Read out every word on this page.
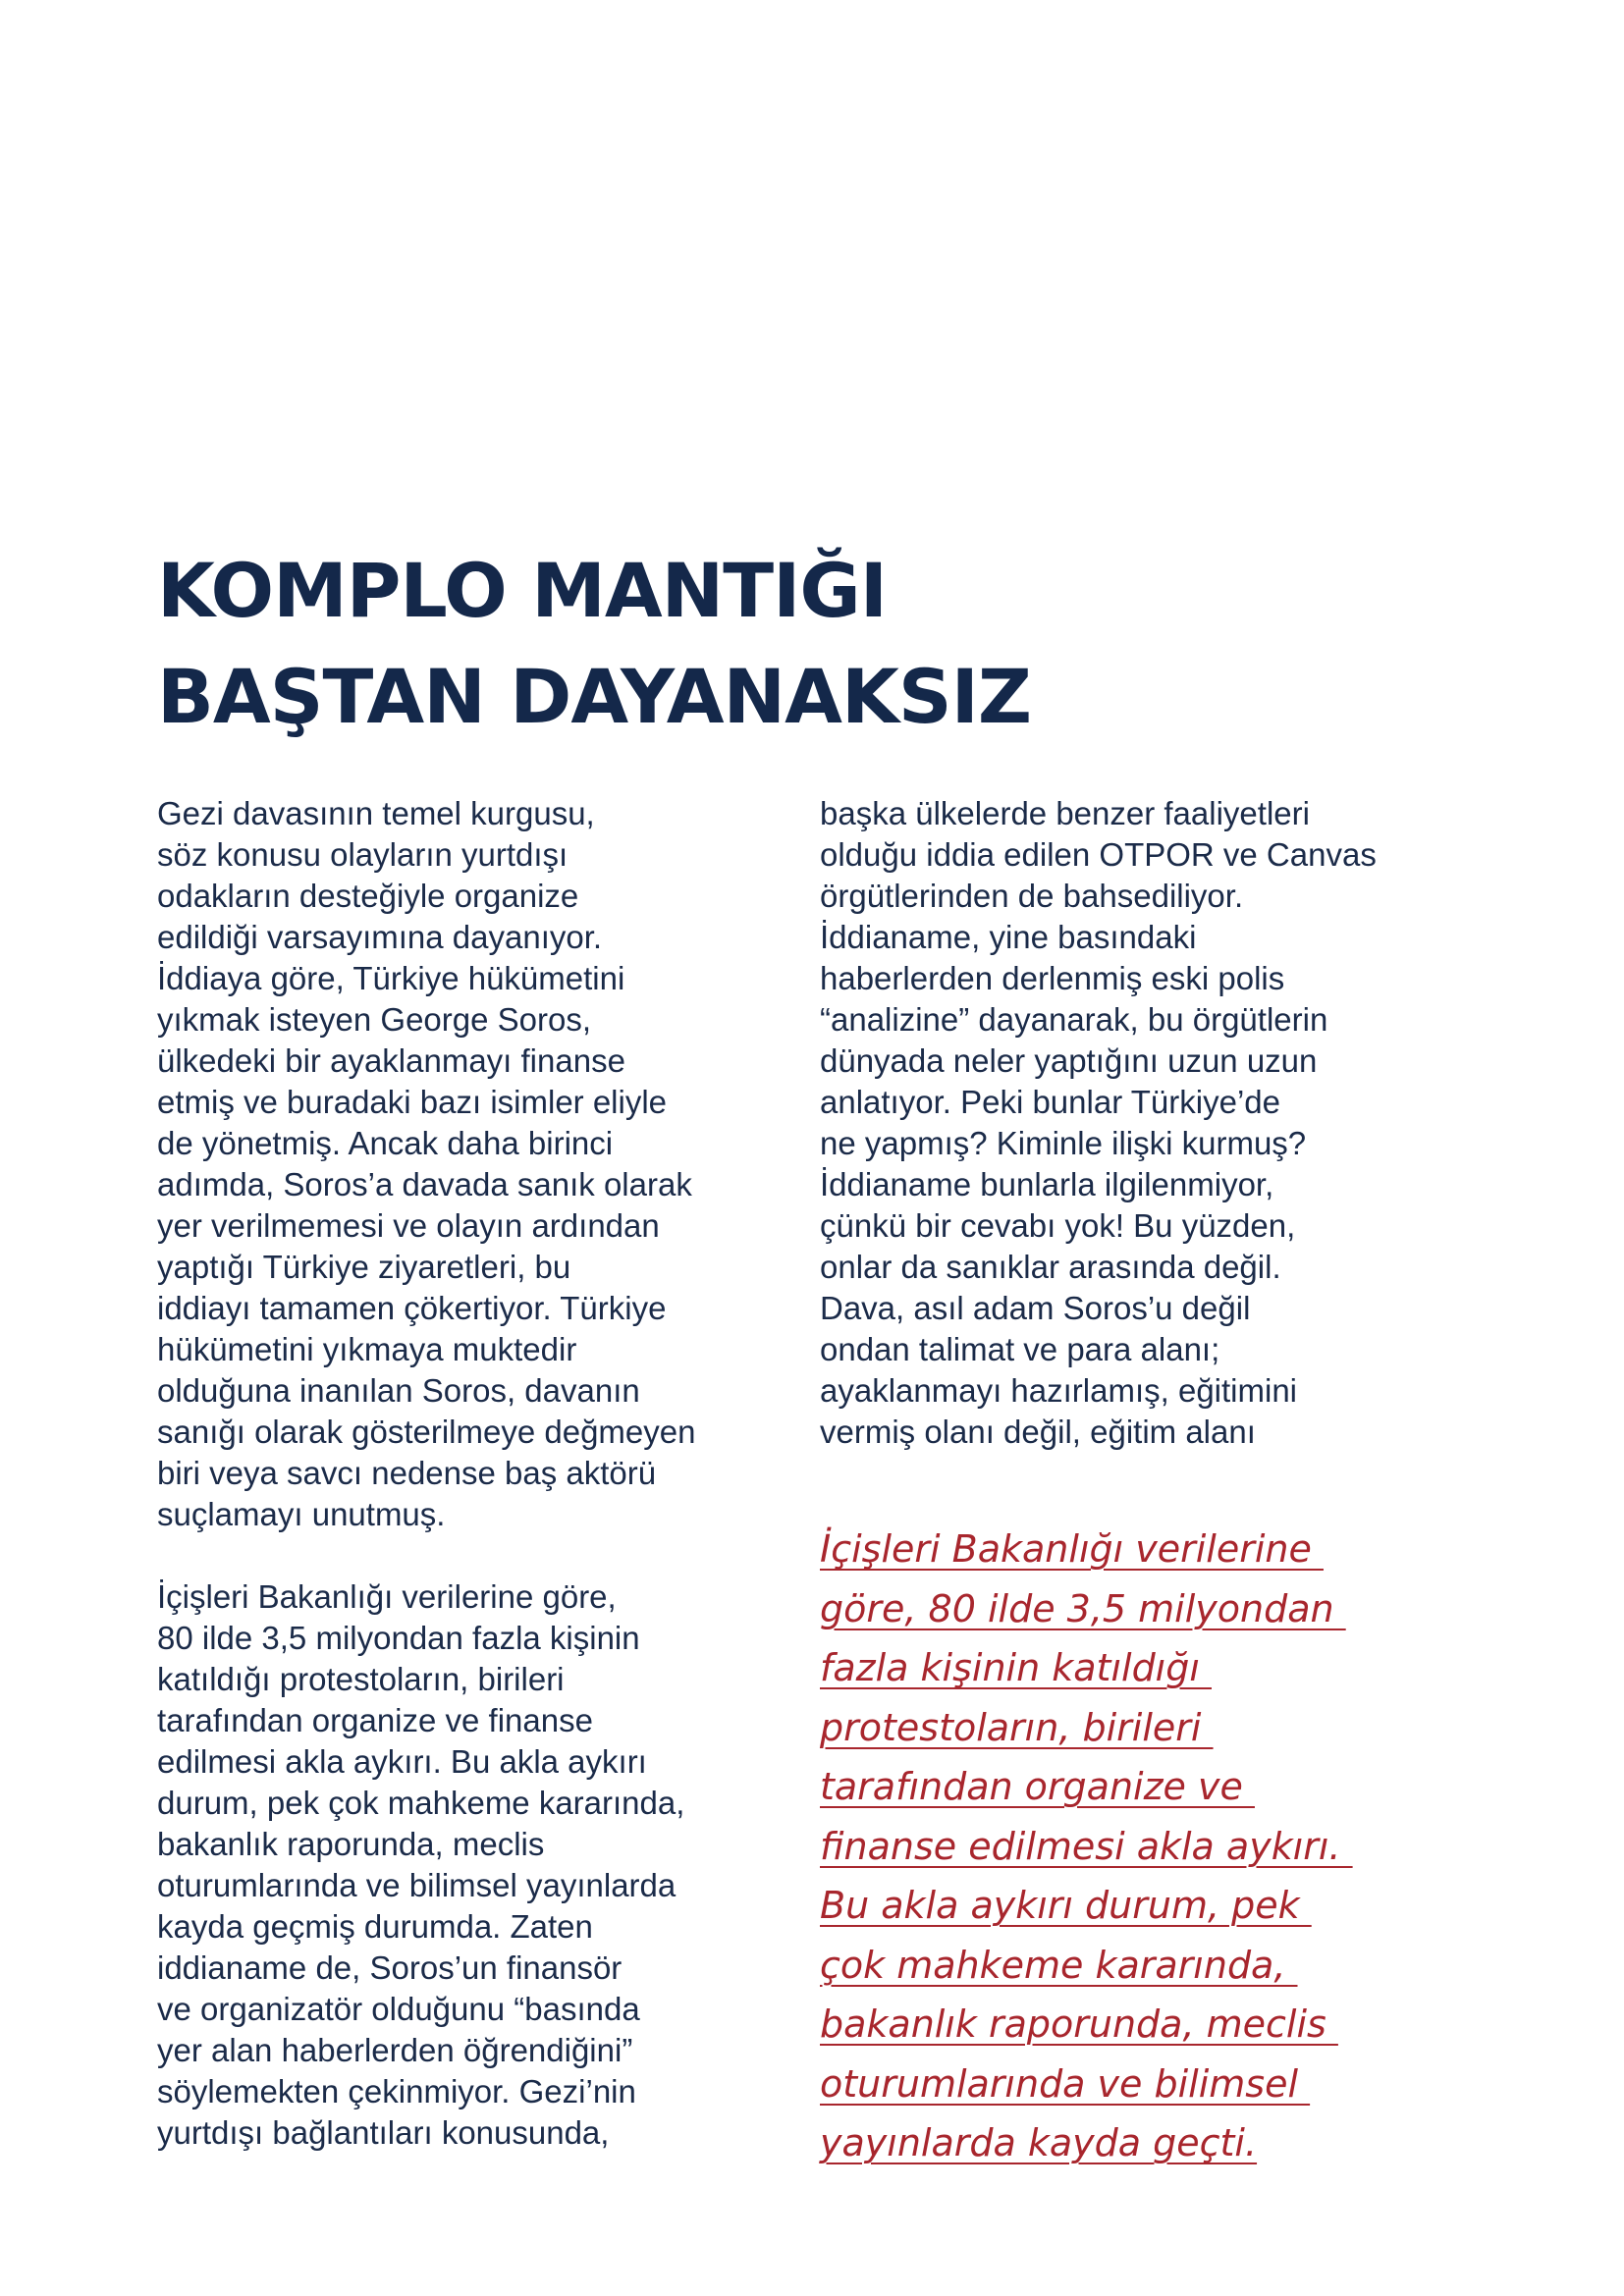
KOMPLO MANTIĞI
BAŞTAN DAYANAKSIZ
Gezi davasının temel kurgusu,
söz konusu olayların yurtdışı
odakların desteğiyle organize
edildiği varsayımına dayanıyor.
İddiaya göre, Türkiye hükümetini
yıkmak isteyen George Soros,
ülkedeki bir ayaklanmayı finanse
etmiş ve buradaki bazı isimler eliyle
de yönetmiş. Ancak daha birinci
adımda, Soros’a davada sanık olarak
yer verilmemesi ve olayın ardından
yaptığı Türkiye ziyaretleri, bu
iddiayı tamamen çökertiyor. Türkiye
hükümetini yıkmaya muktedir
olduğuna inanılan Soros, davanın
sanığı olarak gösterilmeye değmeyen
biri veya savcı nedense baş aktörü
suçlamayı unutmuş.
İçişleri Bakanlığı verilerine göre,
80 ilde 3,5 milyondan fazla kişinin
katıldığı protestoların, birileri
tarafından organize ve finanse
edilmesi akla aykırı. Bu akla aykırı
durum, pek çok mahkeme kararında,
bakanlık raporunda, meclis
oturumlarında ve bilimsel yayınlarda
kayda geçmiş durumda. Zaten
iddianame de, Soros’un finansör
ve organizatör olduğunu “basında
yer alan haberlerden öğrendiğini”
söylemekten çekinmiyor. Gezi’nin
yurtdışı bağlantıları konusunda,
başka ülkelerde benzer faaliyetleri
olduğu iddia edilen OTPOR ve Canvas
örgütlerinden de bahsediliyor.
İddianame, yine basındaki
haberlerden derlenmiş eski polis
“analizine” dayanarak, bu örgütlerin
dünyada neler yaptığını uzun uzun
anlatıyor. Peki bunlar Türkiye’de
ne yapmış? Kiminle ilişki kurmuş?
İddianame bunlarla ilgilenmiyor,
çünkü bir cevabı yok! Bu yüzden,
onlar da sanıklar arasında değil.
Dava, asıl adam Soros’u değil
ondan talimat ve para alanı;
ayaklanmayı hazırlamış, eğitimini
vermiş olanı değil, eğitim alanı
İçişleri Bakanlığı verilerine
göre, 80 ilde 3,5 milyondan
fazla kişinin katıldığı
protestoların, birileri
tarafından organize ve
finanse edilmesi akla aykırı.
Bu akla aykırı durum, pek
çok mahkeme kararında,
bakanlık raporunda, meclis
oturumlarında ve bilimsel
yayınlarda kayda geçti.
